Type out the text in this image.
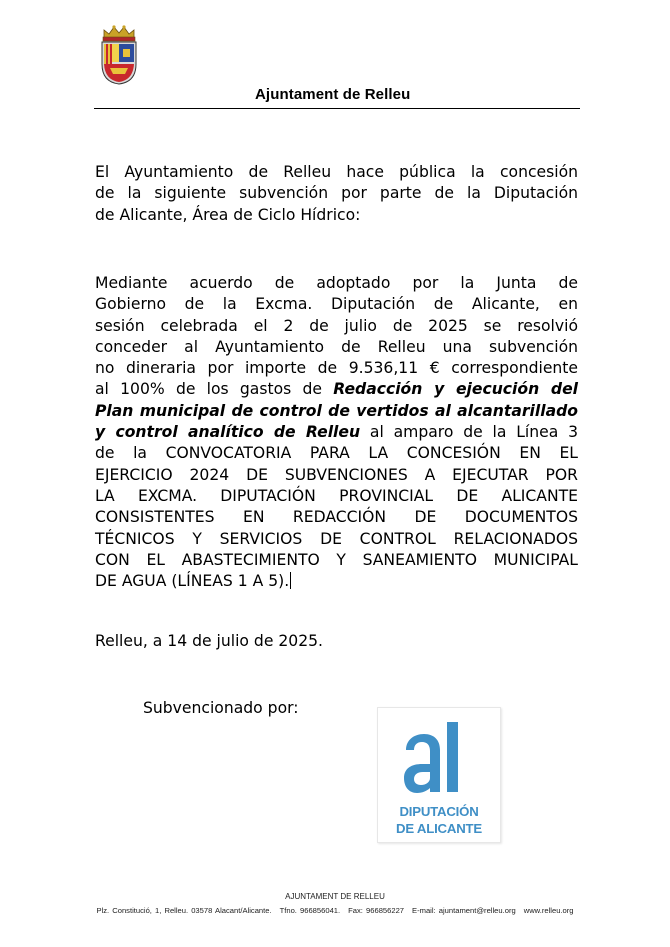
Ajuntament de Relleu
El Ayuntamiento de Relleu hace pública la concesión
de la siguiente subvención por parte de la Diputación
de Alicante, Área de Ciclo Hídrico:
Mediante acuerdo de adoptado por la Junta de
Gobierno de la Excma. Diputación de Alicante, en
sesión celebrada el 2 de julio de 2025 se resolvió
conceder al Ayuntamiento de Relleu una subvención
no dineraria por importe de 9.536,11 € correspondiente
al 100% de los gastos de Redacción y ejecución del
Plan municipal de control de vertidos al alcantarillado
y control analítico de Relleu al amparo de la Línea 3
de la CONVOCATORIA PARA LA CONCESIÓN EN EL
EJERCICIO 2024 DE SUBVENCIONES A EJECUTAR POR
LA EXCMA. DIPUTACIÓN PROVINCIAL DE ALICANTE
CONSISTENTES EN REDACCIÓN DE DOCUMENTOS
TÉCNICOS Y SERVICIOS DE CONTROL RELACIONADOS
CON EL ABASTECIMIENTO Y SANEAMIENTO MUNICIPAL
DE AGUA (LÍNEAS 1 A 5).
Relleu, a 14 de julio de 2025.
Subvencionado por:
DIPUTACIÓN
DE ALICANTE
AJUNTAMENT DE RELLEU
Plz. Constitució, 1, Relleu. 03578 Alacant/Alicante. Tfno. 966856041. Fax: 966856227 E-mail: ajuntament@relleu.org www.relleu.org
